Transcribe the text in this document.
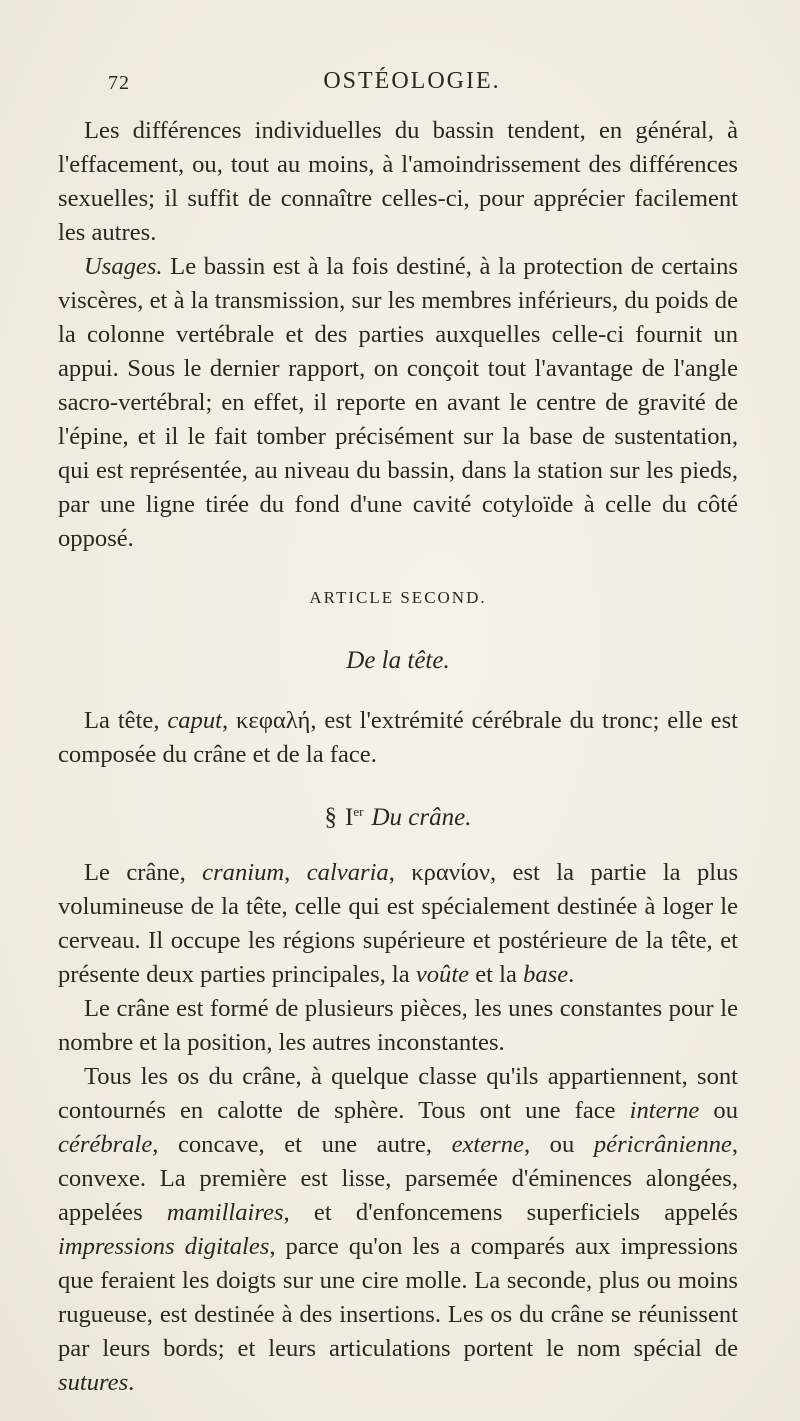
72	OSTÉOLOGIE.

Les différences individuelles du bassin tendent, en général, à l'effacement, ou, tout au moins, à l'amoindrissement des différences sexuelles; il suffit de connaître celles-ci, pour apprécier facilement les autres.

Usages. Le bassin est à la fois destiné, à la protection de certains viscères, et à la transmission, sur les membres inférieurs, du poids de la colonne vertébrale et des parties auxquelles celle-ci fournit un appui. Sous le dernier rapport, on conçoit tout l'avantage de l'angle sacro-vertébral; en effet, il reporte en avant le centre de gravité de l'épine, et il le fait tomber précisément sur la base de sustentation, qui est représentée, au niveau du bassin, dans la station sur les pieds, par une ligne tirée du fond d'une cavité cotyloïde à celle du côté opposé.

ARTICLE SECOND.
De la tête.

La tête, caput, κεφαλή, est l'extrémité cérébrale du tronc; elle est composée du crâne et de la face.

§ Ier Du crâne.

Le crâne, cranium, calvaria, κρανίον, est la partie la plus volumineuse de la tête, celle qui est spécialement destinée à loger le cerveau. Il occupe les régions supérieure et postérieure de la tête, et présente deux parties principales, la voûte et la base.

Le crâne est formé de plusieurs pièces, les unes constantes pour le nombre et la position, les autres inconstantes.

Tous les os du crâne, à quelque classe qu'ils appartiennent, sont contournés en calotte de sphère. Tous ont une face interne ou cérébrale, concave, et une autre, externe, ou péricrânienne, convexe. La première est lisse, parsemée d'éminences alongées, appelées mamillaires, et d'enfoncemens superficiels appelés impressions digitales, parce qu'on les a comparés aux impressions que feraient les doigts sur une cire molle. La seconde, plus ou moins rugueuse, est destinée à des insertions. Les os du crâne se réunissent par leurs bords; et leurs articulations portent le nom spécial de sutures.
